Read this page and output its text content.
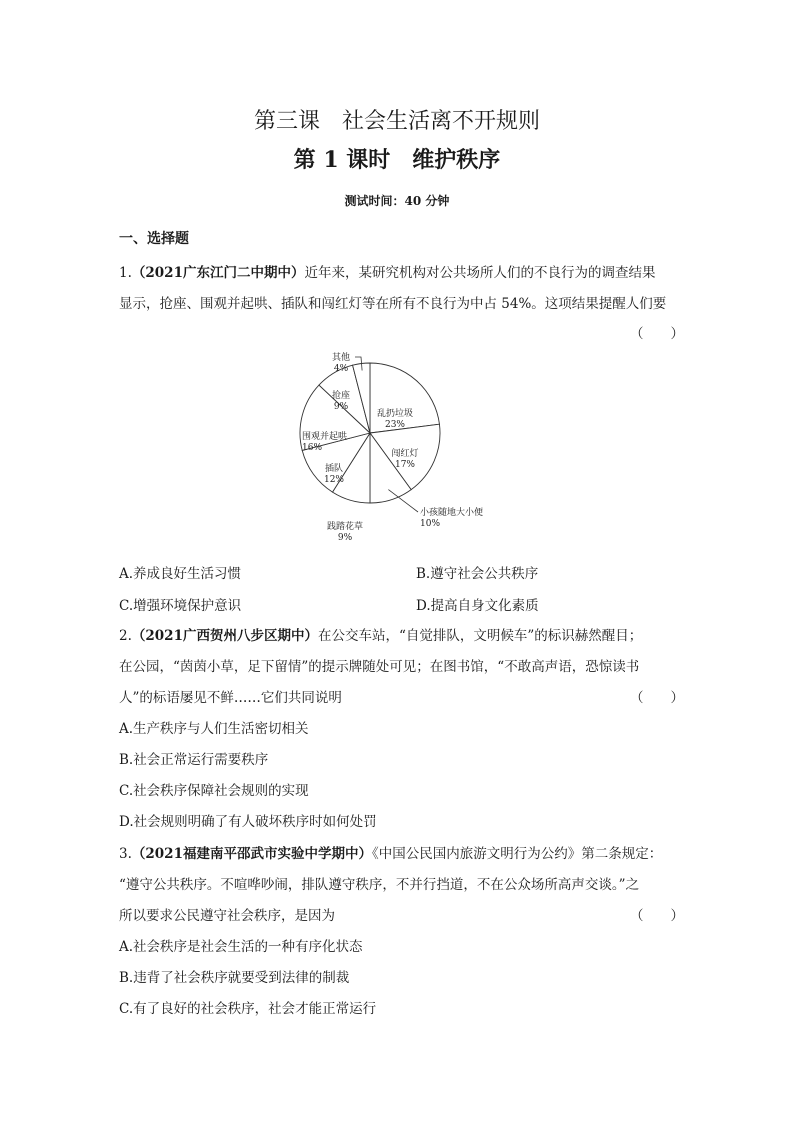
第三课　社会生活离不开规则
第 1 课时　维护秩序
测试时间：40 分钟
一、选择题
1.（2021广东江门二中期中）近年来，某研究机构对公共场所人们的不良行为的调查结果
显示，抢座、围观并起哄、插队和闯红灯等在所有不良行为中占 54%。这项结果提醒人们要
（　　）
乱扔垃圾
23%
闯红灯
17%
小孩随地大小便
10%
践踏花草
9%
插队
12%
围观并起哄
16%
抢座
9%
其他
4%
A.养成良好生活习惯	B.遵守社会公共秩序
C.增强环境保护意识	D.提高自身文化素质
2.（2021广西贺州八步区期中）在公交车站，“自觉排队，文明候车”的标识赫然醒目；
在公园，“茵茵小草，足下留情”的提示牌随处可见；在图书馆，“不敢高声语，恐惊读书
人”的标语屡见不鲜……它们共同说明	（　　）
A.生产秩序与人们生活密切相关
B.社会正常运行需要秩序
C.社会秩序保障社会规则的实现
D.社会规则明确了有人破坏秩序时如何处罚
3.（2021福建南平邵武市实验中学期中）《中国公民国内旅游文明行为公约》第二条规定：
“遵守公共秩序。不喧哗吵闹，排队遵守秩序，不并行挡道，不在公众场所高声交谈。”之
所以要求公民遵守社会秩序，是因为	（　　）
A.社会秩序是社会生活的一种有序化状态
B.违背了社会秩序就要受到法律的制裁
C.有了良好的社会秩序，社会才能正常运行
